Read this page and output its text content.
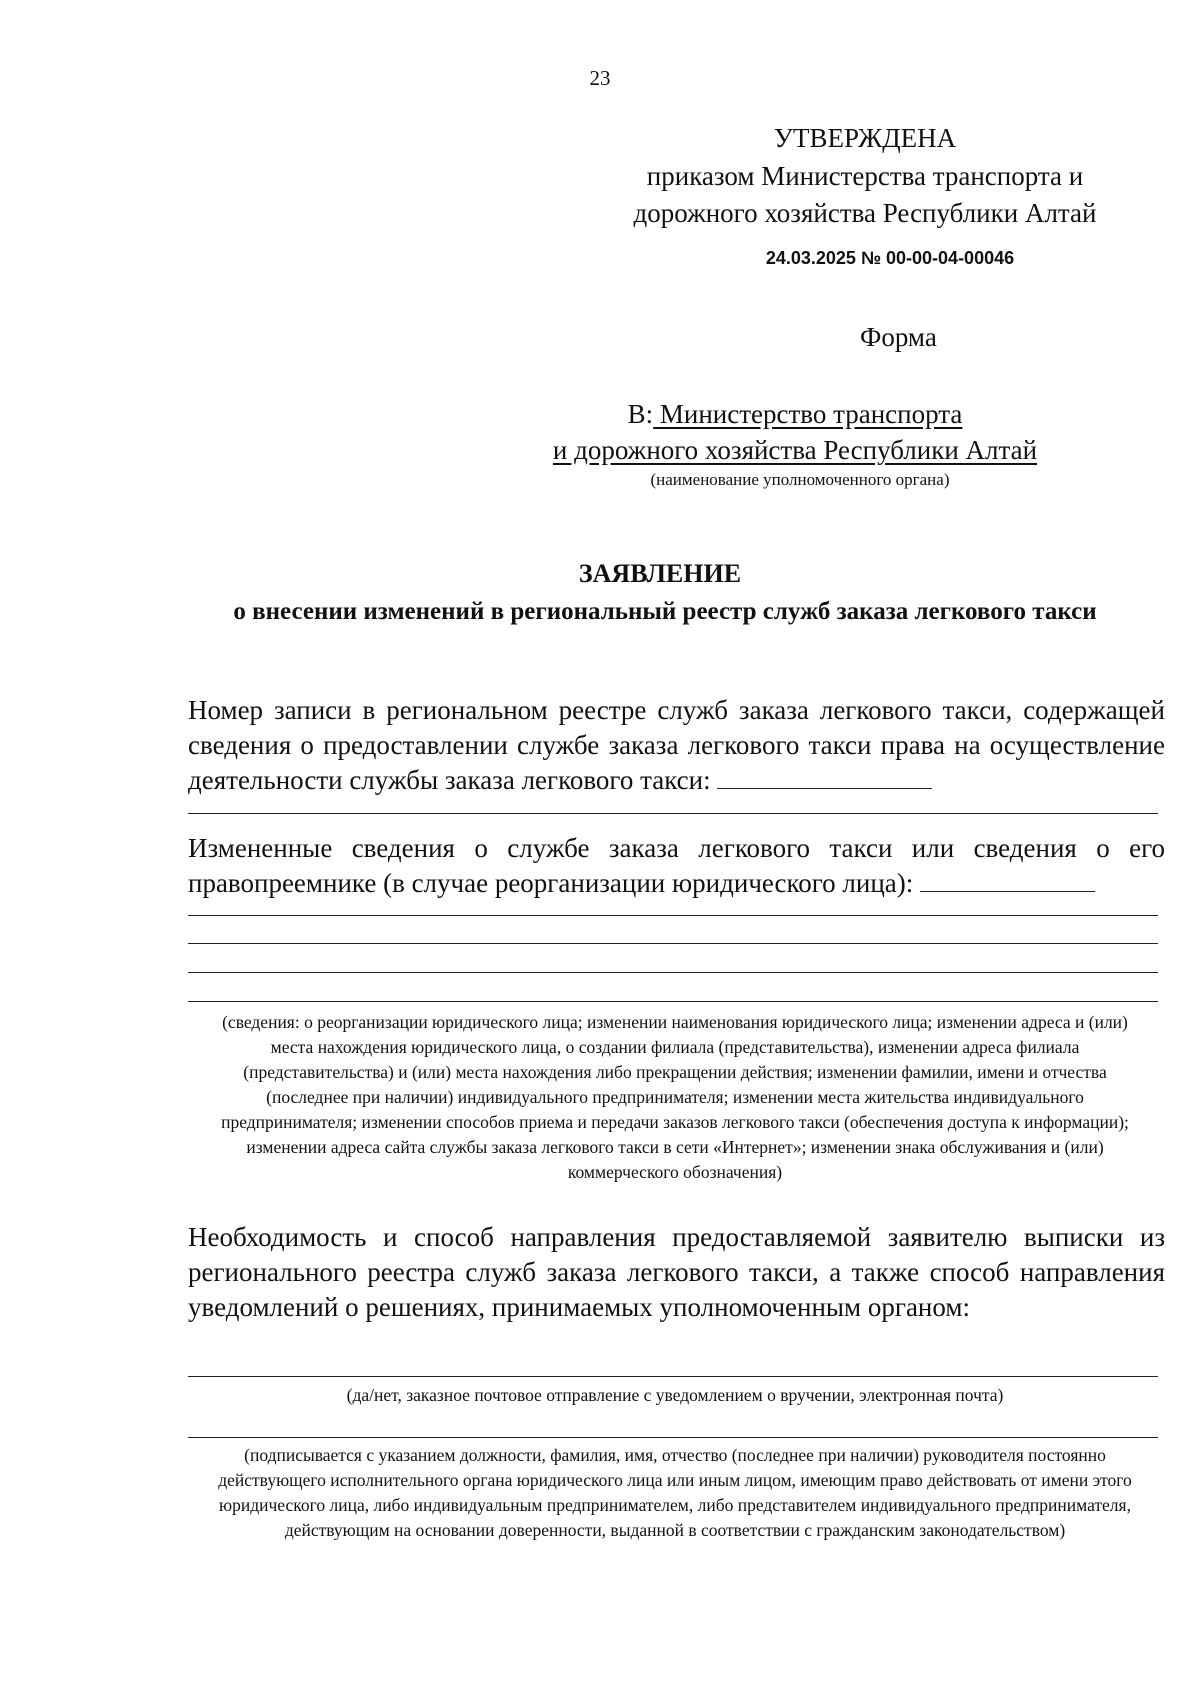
23
УТВЕРЖДЕНА
приказом Министерства транспорта и
дорожного хозяйства Республики Алтай
24.03.2025 № 00-00-04-00046
Форма
В: Министерство транспорта
и дорожного хозяйства Республики Алтай
(наименование уполномоченного органа)
ЗАЯВЛЕНИЕ
о внесении изменений в региональный реестр служб заказа легкового такси
Номер записи в региональном реестре служб заказа легкового такси, содержащей сведения о предоставлении службе заказа легкового такси права на осуществление деятельности службы заказа легкового такси:
Измененные сведения о службе заказа легкового такси или сведения о его правопреемнике (в случае реорганизации юридического лица):
(сведения: о реорганизации юридического лица; изменении наименования юридического лица; изменении адреса и (или) места нахождения юридического лица, о создании филиала (представительства), изменении адреса филиала (представительства) и (или) места нахождения либо прекращении действия; изменении фамилии, имени и отчества (последнее при наличии) индивидуального предпринимателя; изменении места жительства индивидуального предпринимателя; изменении способов приема и передачи заказов легкового такси (обеспечения доступа к информации); изменении адреса сайта службы заказа легкового такси в сети «Интернет»; изменении знака обслуживания и (или) коммерческого обозначения)
Необходимость и способ направления предоставляемой заявителю выписки из регионального реестра служб заказа легкового такси, а также способ направления уведомлений о решениях, принимаемых уполномоченным органом:
(да/нет, заказное почтовое отправление с уведомлением о вручении, электронная почта)
(подписывается с указанием должности, фамилия, имя, отчество (последнее при наличии) руководителя постоянно действующего исполнительного органа юридического лица или иным лицом, имеющим право действовать от имени этого юридического лица, либо индивидуальным предпринимателем, либо представителем индивидуального предпринимателя, действующим на основании доверенности, выданной в соответствии с гражданским законодательством)
